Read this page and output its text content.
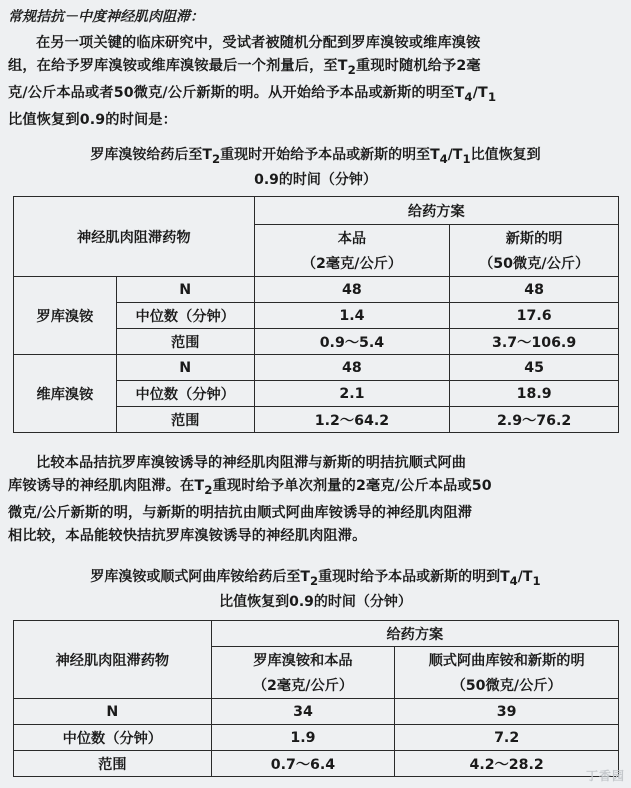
常规拮抗－中度神经肌肉阻滞：
在另一项关键的临床研究中，受试者被随机分配到罗库溴铵或维库溴铵
组，在给予罗库溴铵或维库溴铵最后一个剂量后，至$T_2$重现时随机给予2毫
克/公斤本品或者50微克/公斤新斯的明。从开始给予本品或新斯的明至$T_4/T_1$
比值恢复到0.9的时间是：
罗库溴铵给药后至$T_2$重现时开始给予本品或新斯的明至$T_4/T_1$比值恢复到
0.9的时间（分钟）
神经肌肉阻滞药物		给药方案	
		本品	新斯的明
		（2毫克/公斤）	（50微克/公斤）
罗库溴铵	N	48	48
	中位数（分钟）	1.4	17.6
	范围	0.9～5.4	3.7～106.9
维库溴铵	N	48	45
	中位数（分钟）	2.1	18.9
	范围	1.2～64.2	2.9～76.2
比较本品拮抗罗库溴铵诱导的神经肌肉阻滞与新斯的明拮抗顺式阿曲
库铵诱导的神经肌肉阻滞。在$T_2$重现时给予单次剂量的2毫克/公斤本品或50
微克/公斤新斯的明，与新斯的明拮抗由顺式阿曲库铵诱导的神经肌肉阻滞
相比较，本品能较快拮抗罗库溴铵诱导的神经肌肉阻滞。
罗库溴铵或顺式阿曲库铵给药后至$T_2$重现时给予本品或新斯的明到$T_4/T_1$
比值恢复到0.9的时间（分钟）
神经肌肉阻滞药物	给药方案	
	罗库溴铵和本品	顺式阿曲库铵和新斯的明
	（2毫克/公斤）	（50微克/公斤）
N	34	39
中位数（分钟）	1.9	7.2
范围	0.7～6.4	4.2～28.2
丁香园
